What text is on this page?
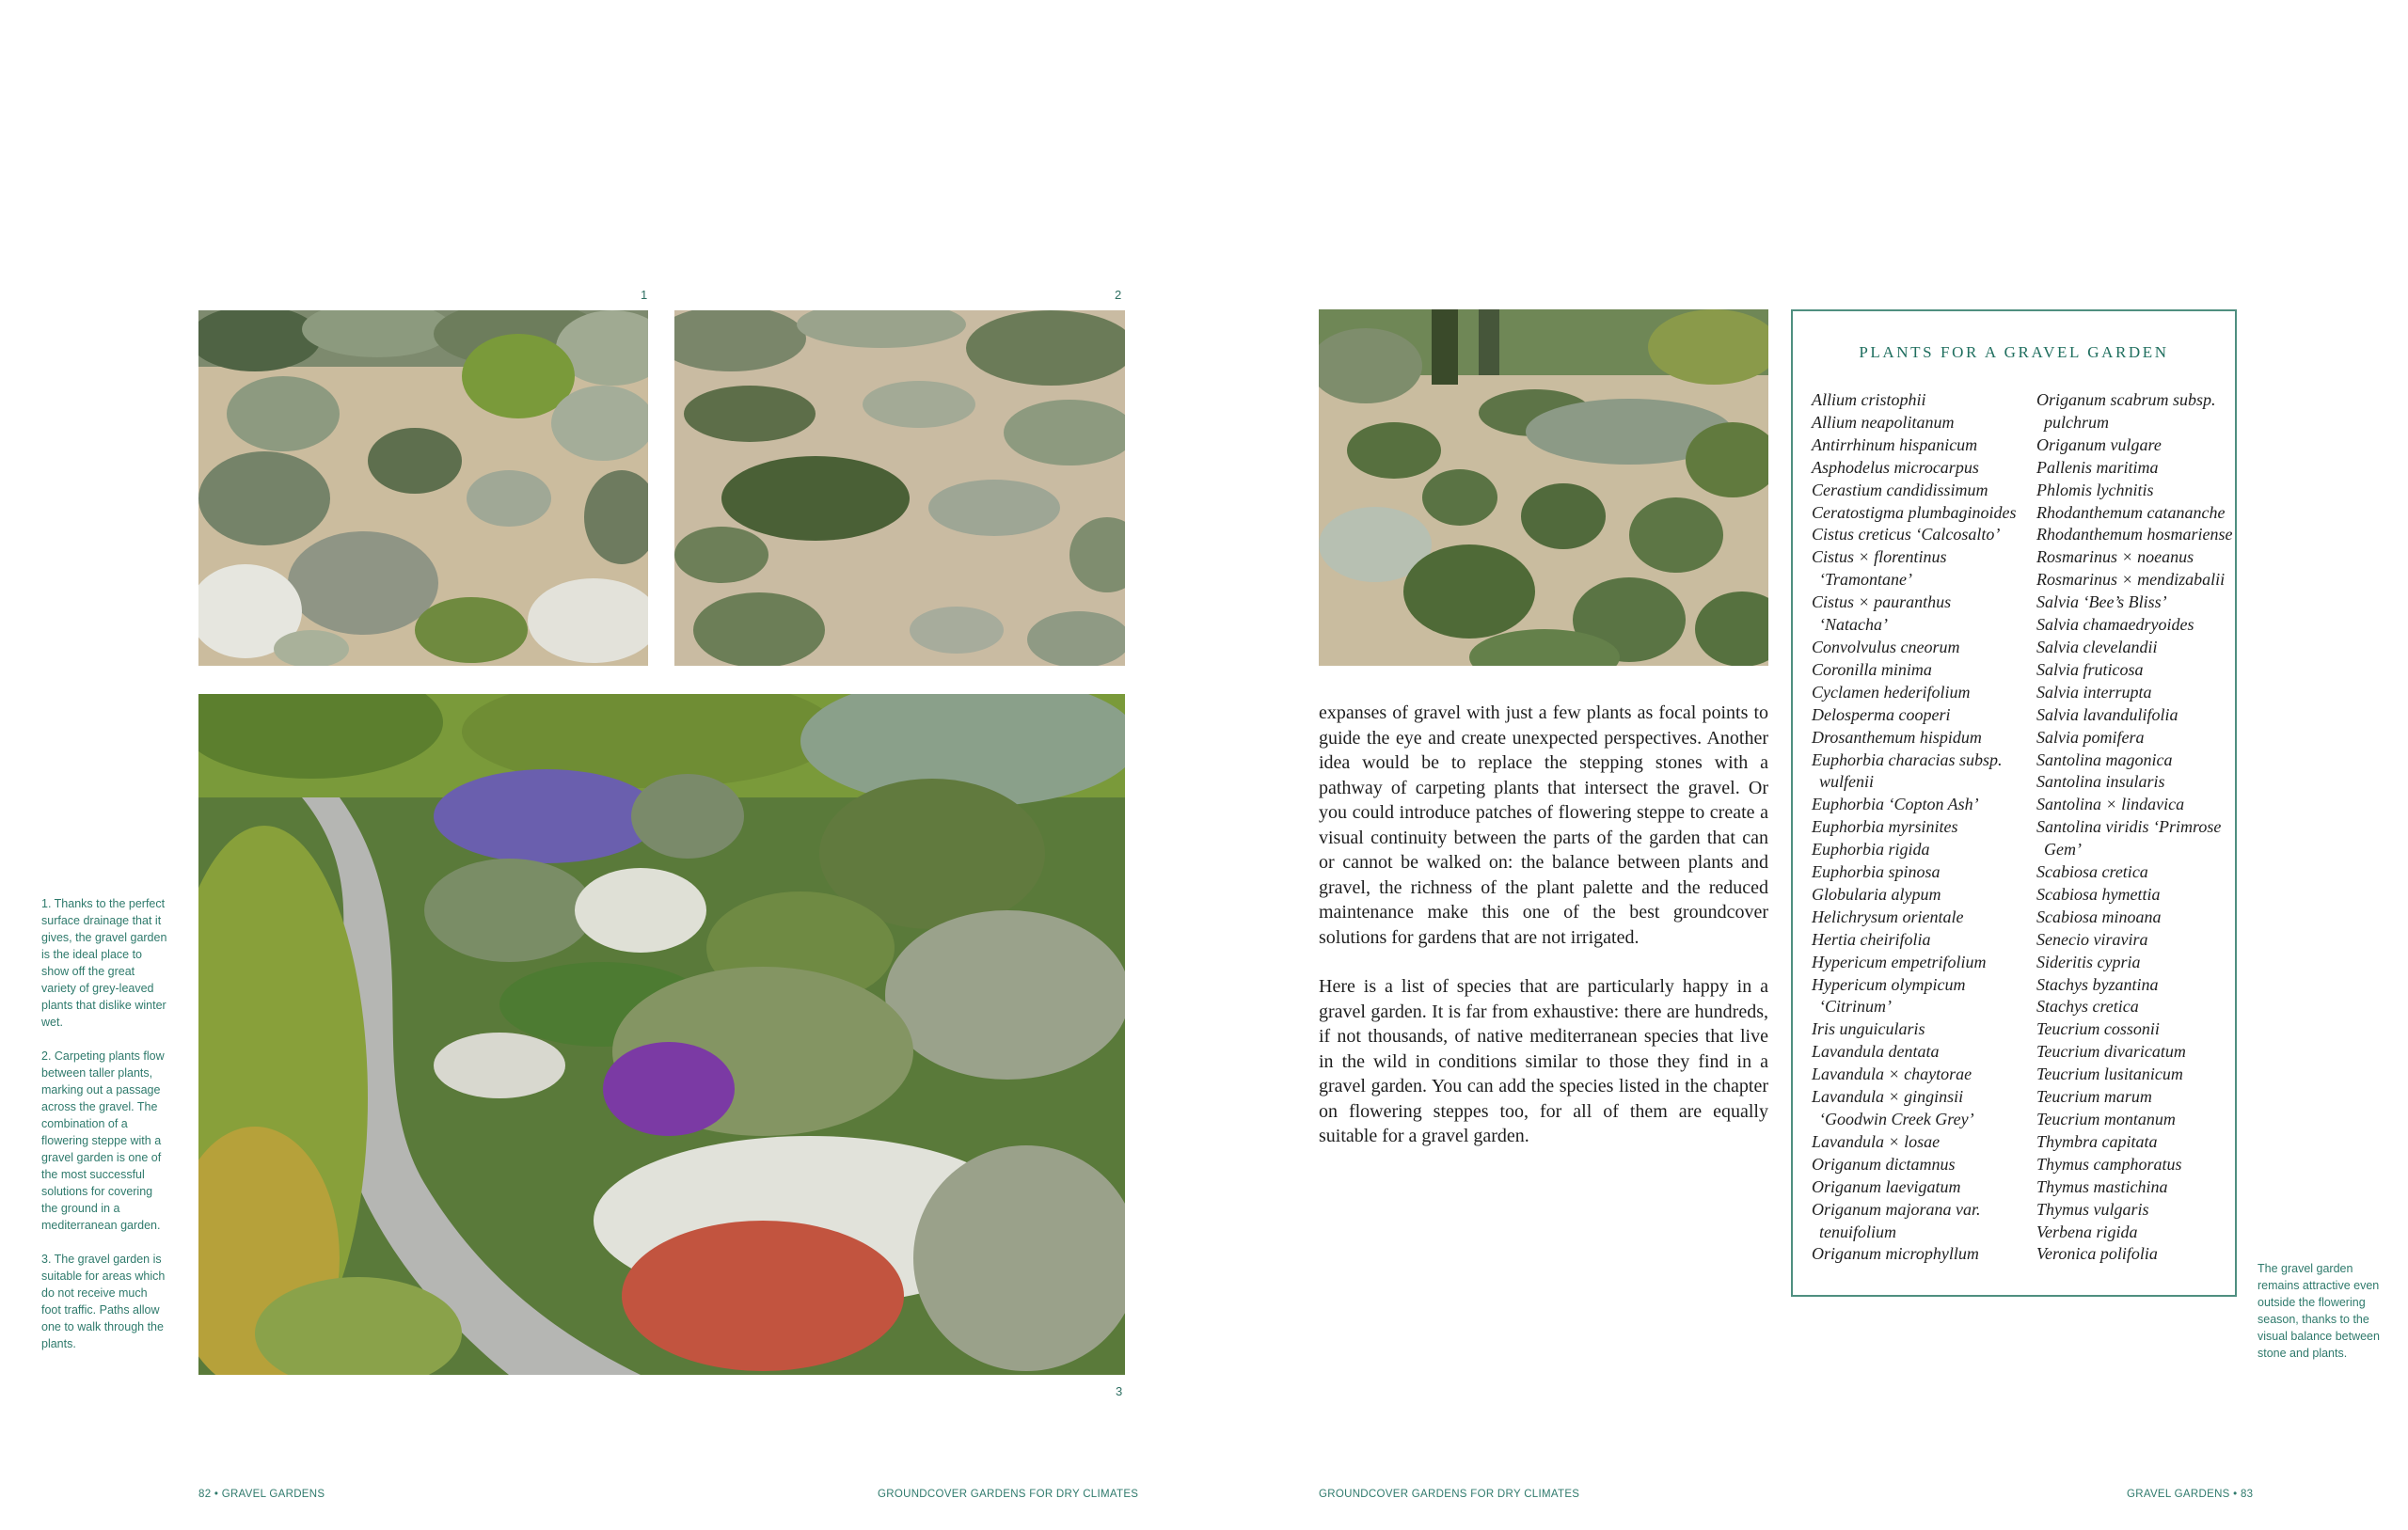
1	2
3

1. Thanks to the perfect surface drainage that it gives, the gravel garden is the ideal place to show off the great variety of grey-leaved plants that dislike winter wet.

2. Carpeting plants flow between taller plants, marking out a passage across the gravel. The combination of a flowering steppe with a gravel garden is one of the most successful solutions for covering the ground in a mediterranean garden.

3. The gravel garden is suitable for areas which do not receive much foot traffic. Paths allow one to walk through the plants.

82 • GRAVEL GARDENS	GROUNDCOVER GARDENS FOR DRY CLIMATES

expanses of gravel with just a few plants as focal points to guide the eye and create unexpected perspectives. Another idea would be to replace the stepping stones with a pathway of carpeting plants that intersect the gravel. Or you could introduce patches of flowering steppe to create a visual continuity between the parts of the garden that can or cannot be walked on: the balance between plants and gravel, the richness of the plant palette and the reduced maintenance make this one of the best groundcover solutions for gardens that are not irrigated.

Here is a list of species that are particularly happy in a gravel garden. It is far from exhaustive: there are hundreds, if not thousands, of native mediterranean species that live in the wild in conditions similar to those they find in a gravel garden. You can add the species listed in the chapter on flowering steppes too, for all of them are equally suitable for a gravel garden.

PLANTS FOR A GRAVEL GARDEN
Allium cristophii
Allium neapolitanum
Antirrhinum hispanicum
Asphodelus microcarpus
Cerastium candidissimum
Ceratostigma plumbaginoides
Cistus creticus ‘Calcosalto’
Cistus × florentinus
‘Tramontane’
Cistus × pauranthus
‘Natacha’
Convolvulus cneorum
Coronilla minima
Cyclamen hederifolium
Delosperma cooperi
Drosanthemum hispidum
Euphorbia characias subsp.
wulfenii
Euphorbia ‘Copton Ash’
Euphorbia myrsinites
Euphorbia rigida
Euphorbia spinosa
Globularia alypum
Helichrysum orientale
Hertia cheirifolia
Hypericum empetrifolium
Hypericum olympicum
‘Citrinum’
Iris unguicularis
Lavandula dentata
Lavandula × chaytorae
Lavandula × ginginsii
‘Goodwin Creek Grey’
Lavandula × losae
Origanum dictamnus
Origanum laevigatum
Origanum majorana var.
tenuifolium
Origanum microphyllum
Origanum scabrum subsp.
pulchrum
Origanum vulgare
Pallenis maritima
Phlomis lychnitis
Rhodanthemum catananche
Rhodanthemum hosmariense
Rosmarinus × noeanus
Rosmarinus × mendizabalii
Salvia ‘Bee’s Bliss’
Salvia chamaedryoides
Salvia clevelandii
Salvia fruticosa
Salvia interrupta
Salvia lavandulifolia
Salvia pomifera
Santolina magonica
Santolina insularis
Santolina × lindavica
Santolina viridis ‘Primrose
Gem’
Scabiosa cretica
Scabiosa hymettia
Scabiosa minoana
Senecio viravira
Sideritis cypria
Stachys byzantina
Stachys cretica
Teucrium cossonii
Teucrium divaricatum
Teucrium lusitanicum
Teucrium marum
Teucrium montanum
Thymbra capitata
Thymus camphoratus
Thymus mastichina
Thymus vulgaris
Verbena rigida
Veronica polifolia
The gravel garden remains attractive even outside the flowering season, thanks to the visual balance between stone and plants.
GROUNDCOVER GARDENS FOR DRY CLIMATES	GRAVEL GARDENS • 83
